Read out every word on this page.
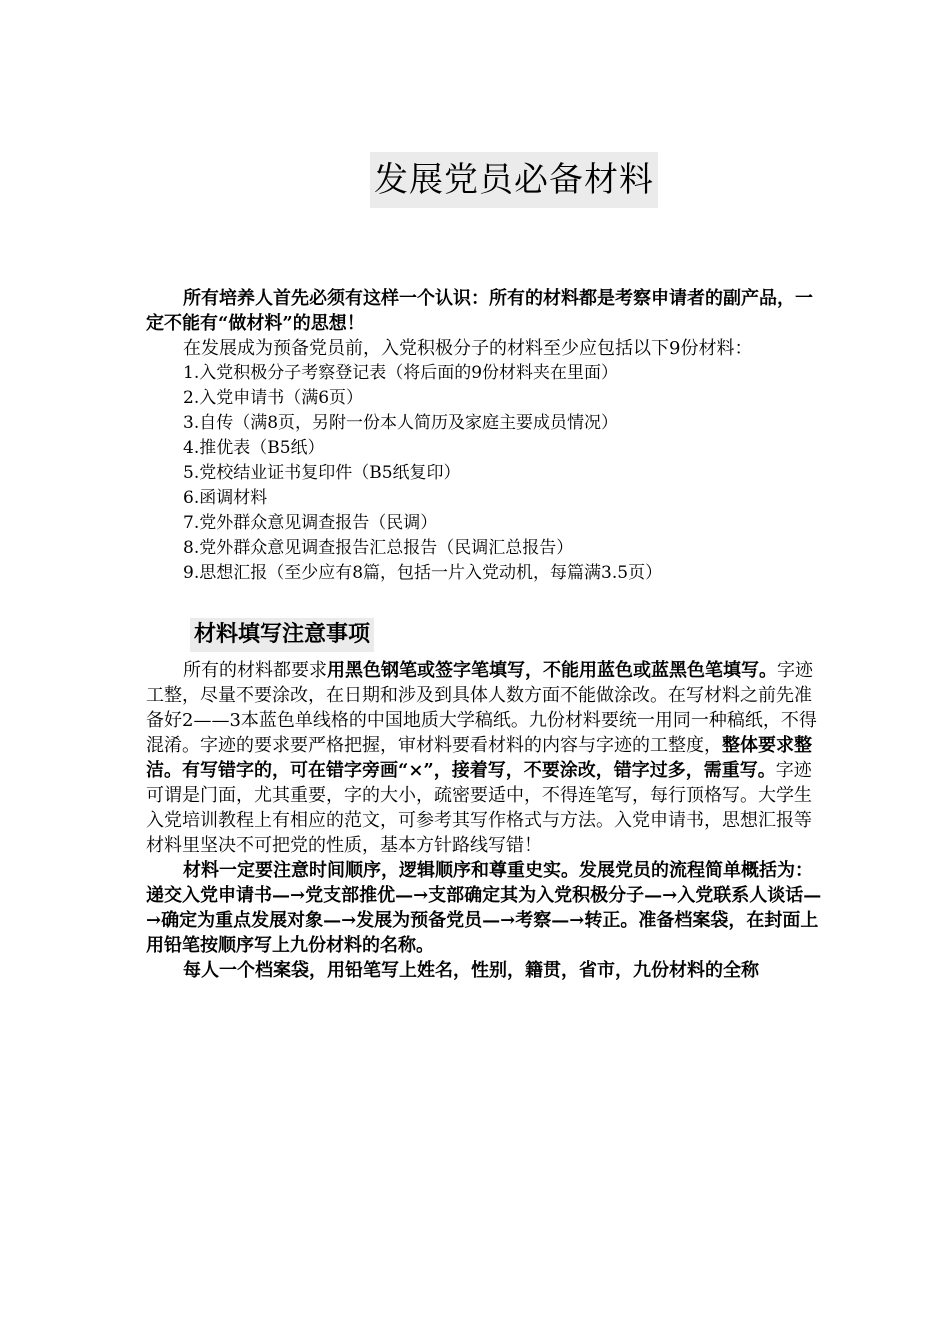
发展党员必备材料

所有培养人首先必须有这样一个认识：所有的材料都是考察申请者的副产品，一定不能有“做材料”的思想！

在发展成为预备党员前，入党积极分子的材料至少应包括以下9份材料：

1.入党积极分子考察登记表（将后面的9份材料夹在里面）
2.入党申请书（满6页）
3.自传（满8页，另附一份本人简历及家庭主要成员情况）
4.推优表（B5纸）
5.党校结业证书复印件（B5纸复印）
6.函调材料
7.党外群众意见调查报告（民调）
8.党外群众意见调查报告汇总报告（民调汇总报告）
9.思想汇报（至少应有8篇，包括一片入党动机，每篇满3.5页）
材料填写注意事项

所有的材料都要求用黑色钢笔或签字笔填写，不能用蓝色或蓝黑色笔填写。字迹工整，尽量不要涂改，在日期和涉及到具体人数方面不能做涂改。在写材料之前先准备好2——3本蓝色单线格的中国地质大学稿纸。九份材料要统一用同一种稿纸，不得混淆。字迹的要求要严格把握，审材料要看材料的内容与字迹的工整度，整体要求整洁。有写错字的，可在错字旁画“×”，接着写，不要涂改，错字过多，需重写。字迹可谓是门面，尤其重要，字的大小，疏密要适中，不得连笔写，每行顶格写。大学生入党培训教程上有相应的范文，可参考其写作格式与方法。入党申请书，思想汇报等材料里坚决不可把党的性质，基本方针路线写错！

材料一定要注意时间顺序，逻辑顺序和尊重史实。发展党员的流程简单概括为：递交入党申请书—→党支部推优—→支部确定其为入党积极分子—→入党联系人谈话—→确定为重点发展对象—→发展为预备党员—→考察—→转正。准备档案袋，在封面上用铅笔按顺序写上九份材料的名称。

每人一个档案袋，用铅笔写上姓名，性别，籍贯，省市，九份材料的全称
